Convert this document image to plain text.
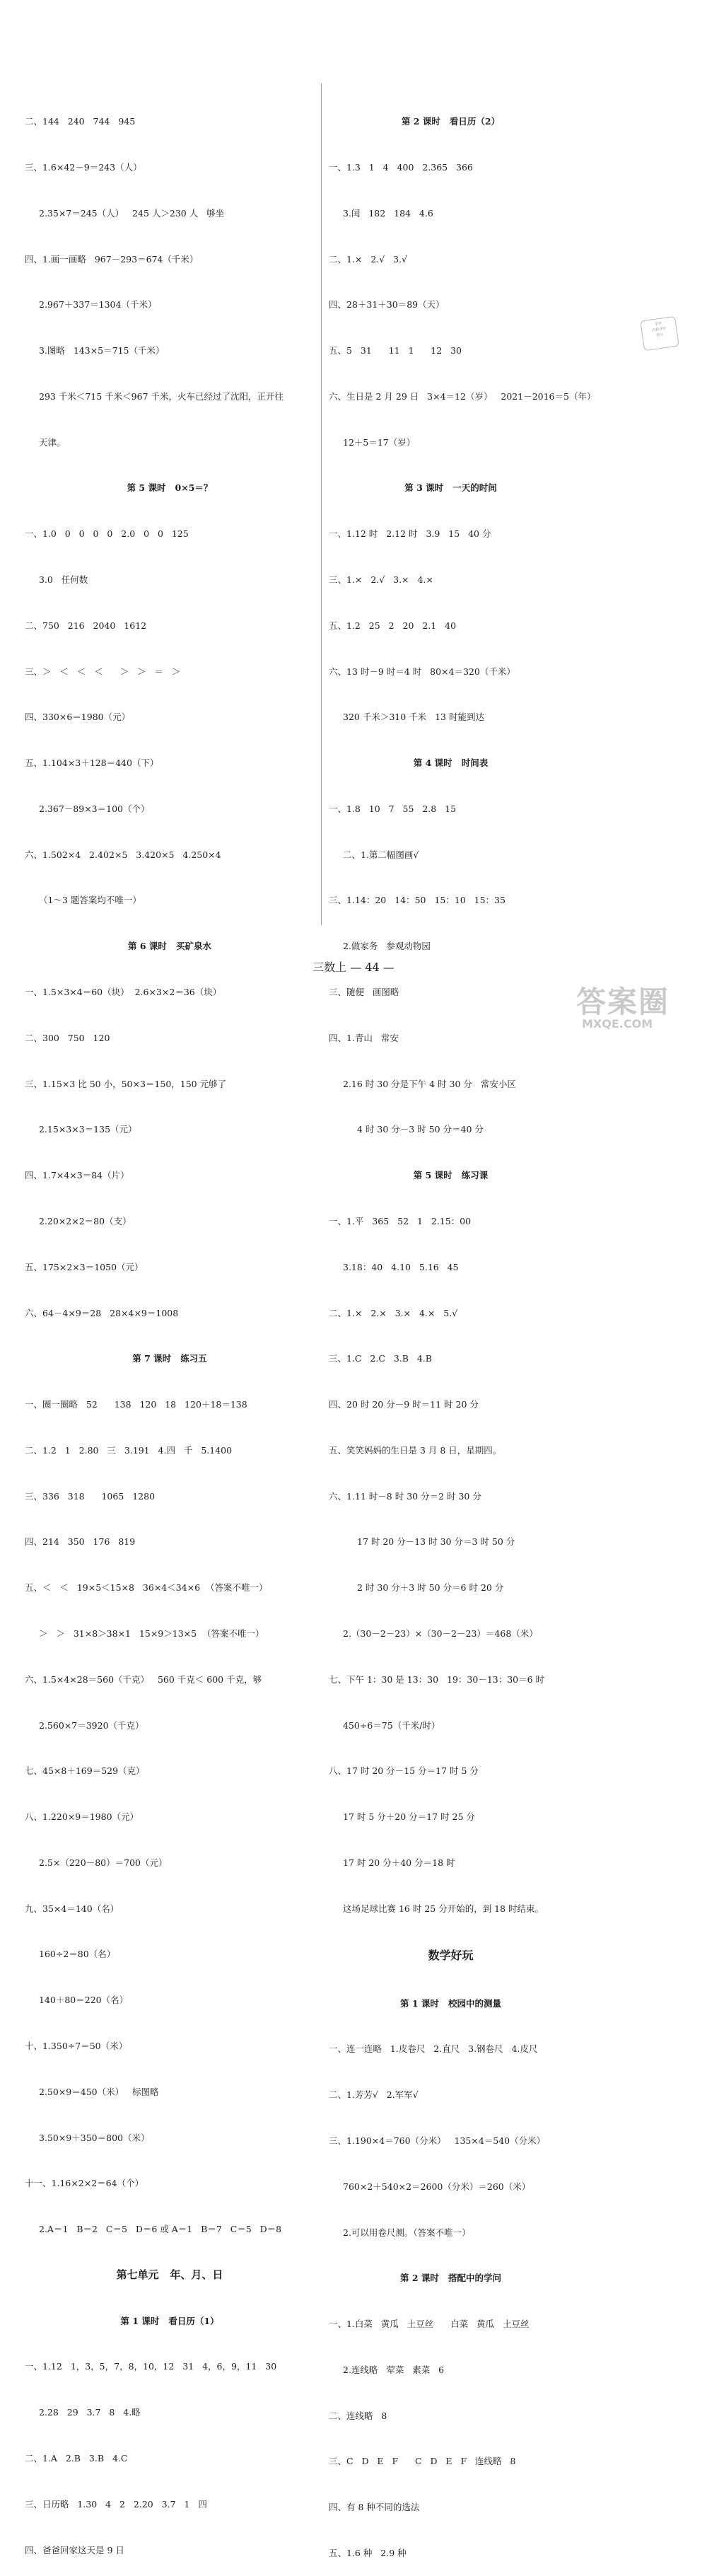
二、144   240   744   945

三、1.6×42－9＝243（人）

2.35×7＝245（人）   245 人＞230 人   够坐

四、1.画一画略   967－293＝674（千米）

2.967＋337＝1304（千米）

3.图略   143×5＝715（千米）

293 千米＜715 千米＜967 千米，火车已经过了沈阳，正开往

天津。

第 5 课时   0×5＝？

一、1.0   0   0   0   0   2.0   0   0   125

3.0   任何数

二、750   216   2040   1612

三、＞   ＜   ＜   ＜      ＞   ＞   ＝   ＞

四、330×6＝1980（元）

五、1.104×3＋128＝440（下）

2.367－89×3＝100（个）

六、1.502×4   2.402×5   3.420×5   4.250×4

（1～3 题答案均不唯一）

第 6 课时   买矿泉水

一、1.5×3×4＝60（块）  2.6×3×2＝36（块）

二、300   750   120

三、1.15×3 比 50 小，50×3＝150，150 元够了

2.15×3×3＝135（元）

四、1.7×4×3＝84（片）

2.20×2×2＝80（支）

五、175×2×3＝1050（元）

六、64－4×9＝28   28×4×9＝1008

第 7 课时   练习五

一、圈一圈略   52      138   120   18   120＋18＝138

二、1.2   1   2.80   三   3.191   4.四   千   5.1400

三、336   318      1065   1280

四、214   350   176   819

五、＜   ＜   19×5＜15×8   36×4＜34×6  （答案不唯一）

＞   ＞   31×8＞38×1   15×9＞13×5  （答案不唯一）

六、1.5×4×28＝560（千克）   560 千克＜ 600 千克，够

2.560×7＝3920（千克）

七、45×8＋169＝529（克）

八、1.220×9＝1980（元）

2.5×（220－80）＝700（元）

九、35×4＝140（名）

160÷2＝80（名）

140＋80＝220（名）

十、1.350÷7＝50（米）

2.50×9＝450（米）   标图略

3.50×9＋350＝800（米）

十一、1.16×2×2＝64（个）

2.A＝1   B＝2   C＝5   D＝6 或 A＝1   B＝7   C＝5   D＝8

第七单元   年、月、日

第 1 课时   看日历（1）

一、1.12   1，3，5，7，8，10，12   31   4，6，9，11   30

2.28   29   3.7   8   4.略

二、1.A   2.B   3.B   4.C

三、日历略   1.30   4   2   2.20   3.7   1   四

四、爸爸回家这天是 9 日

第 2 课时   看日历（2）

一、1.3   1   4   400   2.365   366

3.闰   182   184   4.6

二、1.×   2.√   3.√

四、28＋31＋30＝89（天）

五、5   31      11   1      12   30

六、生日是 2 月 29 日   3×4＝12（岁）   2021－2016＝5（年）

12＋5＝17（岁）

第 3 课时   一天的时间

一、1.12 时   2.12 时   3.9   15   40 分

三、1.×   2.√   3.×   4.×

五、1.2   25   2   20   2.1   40

六、13 时－9 时＝4 时   80×4＝320（千米）

320 千米＞310 千米   13 时能到达

第 4 课时   时间表

一、1.8   10   7   55   2.8   15

二、1.第二幅图画√

三、1.14：20   14：50   15：10   15：35

2.做家务   参观动物园

三、随便   画图略

四、1.青山   常安

2.16 时 30 分是下午 4 时 30 分   常安小区

4 时 30 分－3 时 50 分＝40 分

第 5 课时   练习课

一、1.平   365   52   1   2.15：00

3.18：40   4.10   5.16   45

二、1.×   2.×   3.×   4.×   5.√

三、1.C   2.C   3.B   4.B

四、20 时 20 分－9 时＝11 时 20 分

五、笑笑妈妈的生日是 3 月 8 日，星期四。

六、1.11 时－8 时 30 分＝2 时 30 分

17 时 20 分－13 时 30 分＝3 时 50 分

2 时 30 分＋3 时 50 分＝6 时 20 分

2.（30－2－23）×（30－2－23）＝468（米）

七、下午 1：30 是 13：30   19：30－13：30＝6 时

450÷6＝75（千米/时）

八、17 时 20 分－15 分＝17 时 5 分

17 时 5 分＋20 分＝17 时 25 分

17 时 20 分＋40 分＝18 时

这场足球比赛 16 时 25 分开始的，到 18 时结束。

数学好玩

第 1 课时   校园中的测量

一、连一连略   1.皮卷尺   2.直尺   3.钢卷尺   4.皮尺

二、1.芳芳√   2.军军√

三、1.190×4＝760（分米）   135×4＝540（分米）

760×2＋540×2＝2600（分米）＝260（米）

2.可以用卷尺测。（答案不唯一）

第 2 课时   搭配中的学问

一、1.白菜   黄瓜   土豆丝      白菜   黄瓜   土豆丝

2.连线略   荤菜   素菜   6

二、连线略   8

三、C   D   E   F      C   D   E   F   连线略   8

四、有 8 种不同的选法

五、1.6 种   2.9 种

学学
自我评价
得分
三数上 — 44 —
答案圈
MXQE.COM
